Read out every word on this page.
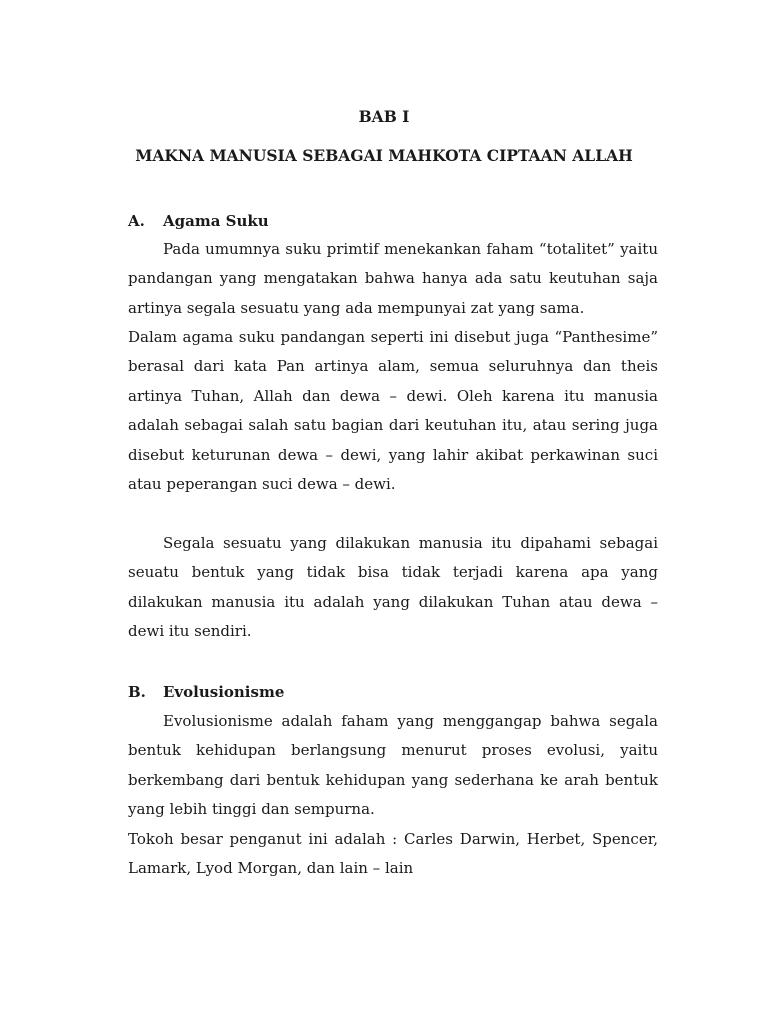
BAB I
MAKNA MANUSIA SEBAGAI MAHKOTA CIPTAAN ALLAH
A. Agama Suku

Pada umumnya suku primtif menekankan faham “totalitet” yaitu pandangan yang mengatakan bahwa hanya ada satu keutuhan saja artinya segala sesuatu yang ada mempunyai zat yang sama.

Dalam agama suku pandangan seperti ini disebut juga “Panthesime” berasal dari kata Pan artinya alam, semua seluruhnya dan theis artinya Tuhan, Allah dan dewa – dewi. Oleh karena itu manusia adalah sebagai salah satu bagian dari keutuhan itu, atau sering juga disebut keturunan dewa – dewi, yang lahir akibat perkawinan suci atau peperangan suci dewa – dewi.

Segala sesuatu yang dilakukan manusia itu dipahami sebagai seuatu bentuk yang tidak bisa tidak terjadi karena apa yang dilakukan manusia itu adalah yang dilakukan Tuhan atau dewa – dewi itu sendiri.

B. Evolusionisme

Evolusionisme adalah faham yang menggangap bahwa segala bentuk kehidupan berlangsung menurut proses evolusi, yaitu berkembang dari bentuk kehidupan yang sederhana ke arah bentuk yang lebih tinggi dan sempurna.

Tokoh besar penganut ini adalah : Carles Darwin, Herbet, Spencer, Lamark, Lyod Morgan, dan lain – lain
